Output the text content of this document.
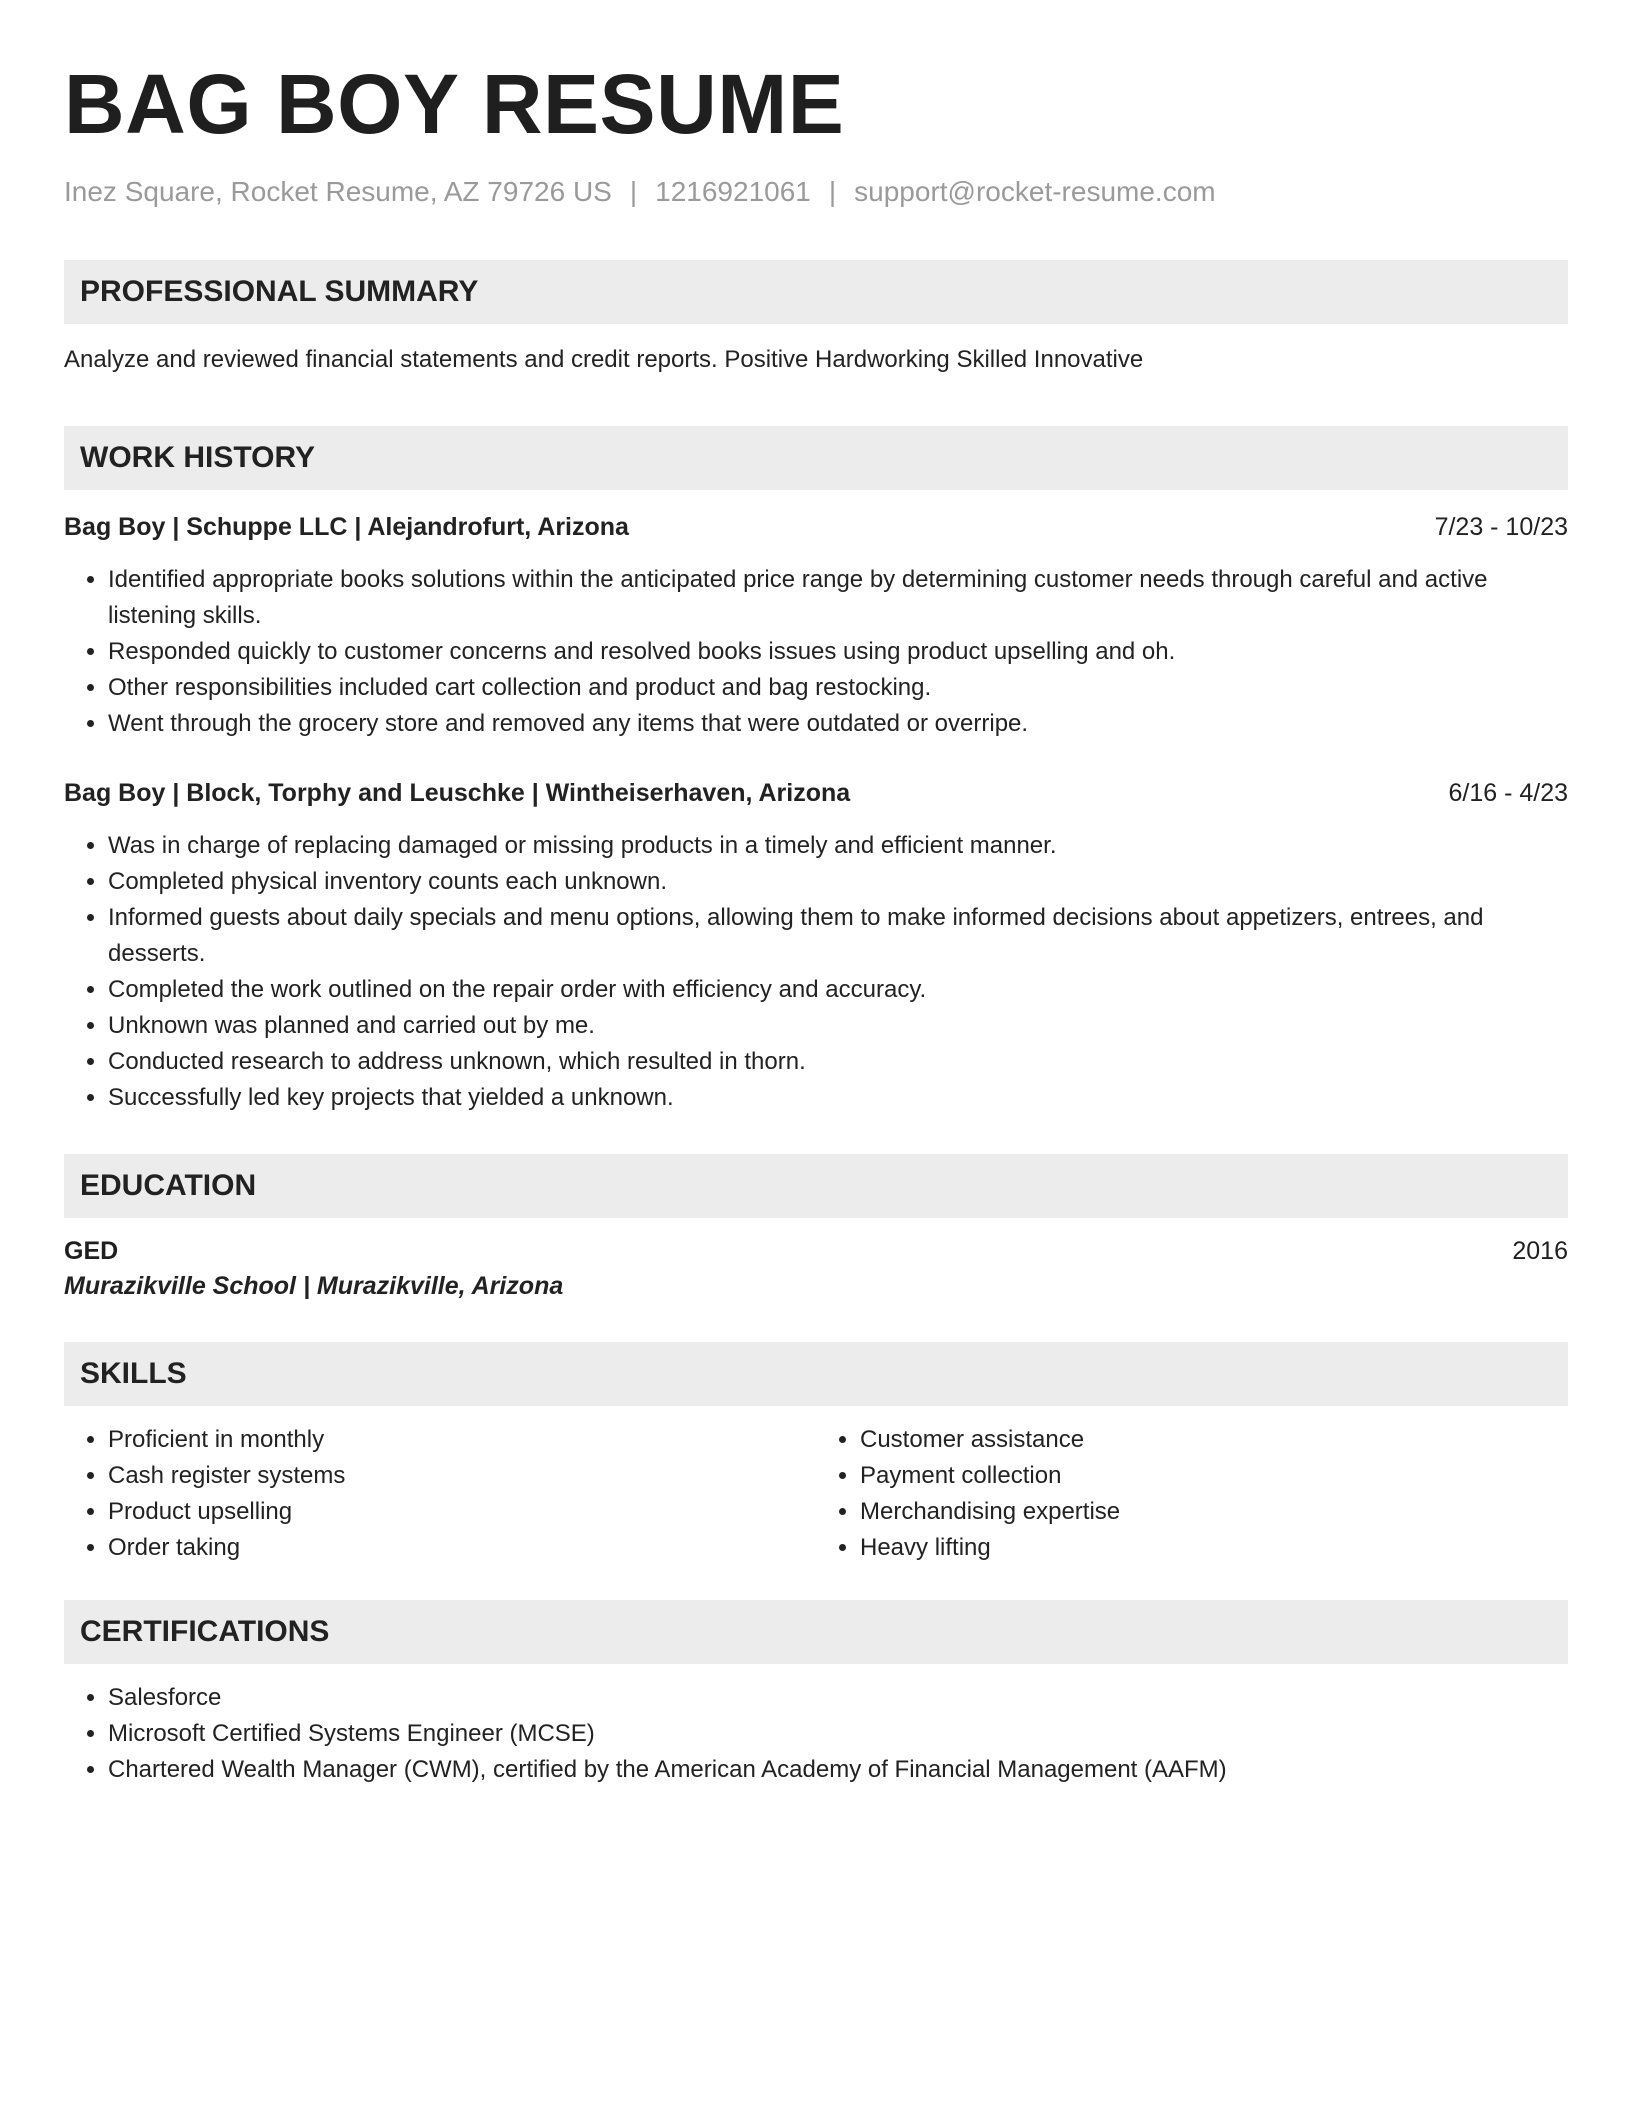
BAG BOY RESUME
Inez Square, Rocket Resume, AZ 79726 US | 1216921061 | support@rocket-resume.com
PROFESSIONAL SUMMARY
Analyze and reviewed financial statements and credit reports. Positive Hardworking Skilled Innovative
WORK HISTORY
Bag Boy | Schuppe LLC | Alejandrofurt, Arizona	7/23 - 10/23
• Identified appropriate books solutions within the anticipated price range by determining customer needs through careful and active listening skills.
• Responded quickly to customer concerns and resolved books issues using product upselling and oh.
• Other responsibilities included cart collection and product and bag restocking.
• Went through the grocery store and removed any items that were outdated or overripe.
Bag Boy | Block, Torphy and Leuschke | Wintheiserhaven, Arizona	6/16 - 4/23
• Was in charge of replacing damaged or missing products in a timely and efficient manner.
• Completed physical inventory counts each unknown.
• Informed guests about daily specials and menu options, allowing them to make informed decisions about appetizers, entrees, and desserts.
• Completed the work outlined on the repair order with efficiency and accuracy.
• Unknown was planned and carried out by me.
• Conducted research to address unknown, which resulted in thorn.
• Successfully led key projects that yielded a unknown.
EDUCATION
GED	2016
Murazikville School | Murazikville, Arizona
SKILLS
• Proficient in monthly
• Cash register systems
• Product upselling
• Order taking
• Customer assistance
• Payment collection
• Merchandising expertise
• Heavy lifting
CERTIFICATIONS
• Salesforce
• Microsoft Certified Systems Engineer (MCSE)
• Chartered Wealth Manager (CWM), certified by the American Academy of Financial Management (AAFM)
